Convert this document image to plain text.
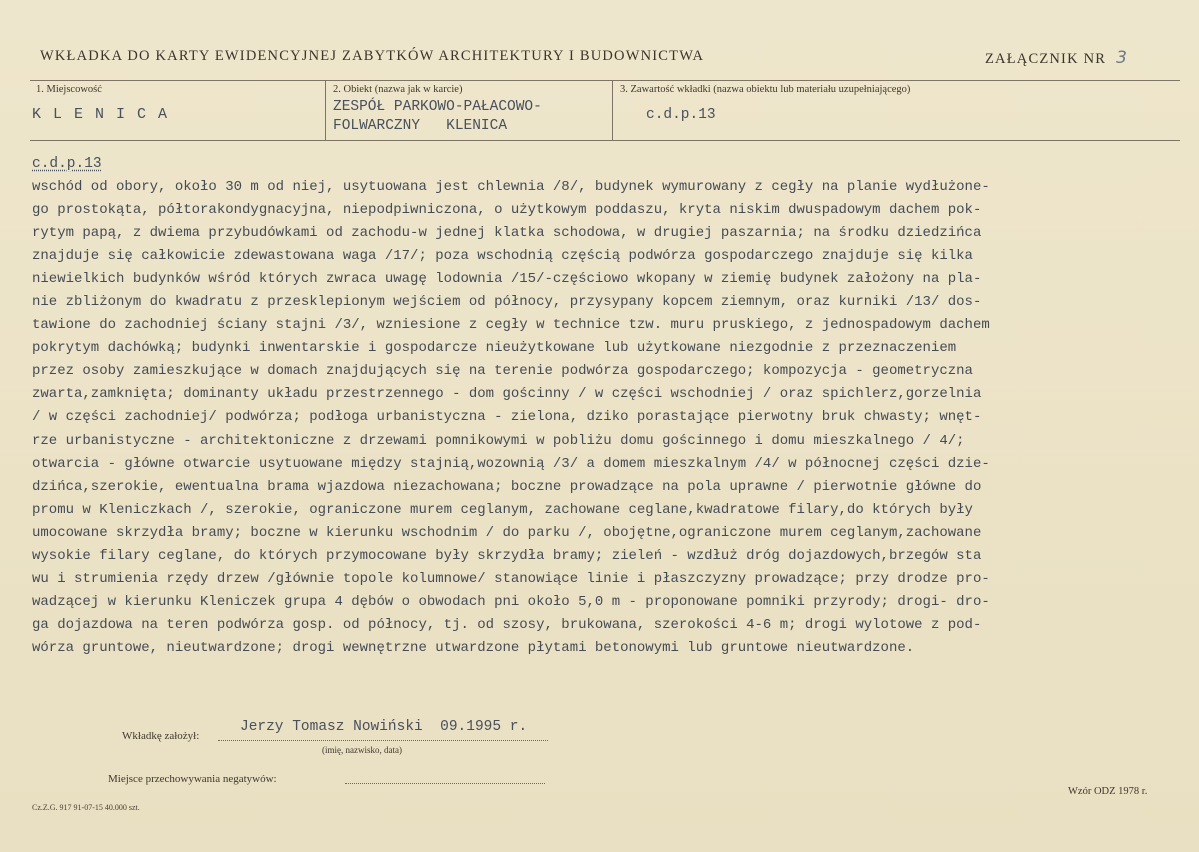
WKŁADKA DO KARTY EWIDENCYJNEJ ZABYTKÓW ARCHITEKTURY I BUDOWNICTWA	ZAŁĄCZNIK NR 3
1. Miejscowość
KLENICA
2. Obiekt (nazwa jak w karcie)
ZESPÓŁ PARKOWO-PAŁACOWO-
FOLWARCZNY   KLENICA
3. Zawartość wkładki (nazwa obiektu lub materiału uzupełniającego)
c.d.p.13
c.d.p.13
wschód od obory, około 30 m od niej, usytuowana jest chlewnia /8/, budynek wymurowany z cegły na planie wydłużone-
go prostokąta, półtorakondygnacyjna, niepodpiwniczona, o użytkowym poddaszu, kryta niskim dwuspadowym dachem pok-
rytym papą, z dwiema przybudówkami od zachodu-w jednej klatka schodowa, w drugiej paszarnia; na środku dziedzińca
znajduje się całkowicie zdewastowana waga /17/; poza wschodnią częścią podwórza gospodarczego znajduje się kilka
niewielkich budynków wśród których zwraca uwagę lodownia /15/-częściowo wkopany w ziemię budynek założony na pla-
nie zbliżonym do kwadratu z przesklepionym wejściem od północy, przysypany kopcem ziemnym, oraz kurniki /13/ dos-
tawione do zachodniej ściany stajni /3/, wzniesione z cegły w technice tzw. muru pruskiego, z jednospadowym dachem
pokrytym dachówką; budynki inwentarskie i gospodarcze nieużytkowane lub użytkowane niezgodnie z przeznaczeniem
przez osoby zamieszkujące w domach znajdujących się na terenie podwórza gospodarczego; kompozycja - geometryczna
zwarta,zamknięta; dominanty układu przestrzennego - dom gościnny / w części wschodniej / oraz spichlerz,gorzelnia
/ w części zachodniej/ podwórza; podłoga urbanistyczna - zielona, dziko porastające pierwotny bruk chwasty; wnęt-
rze urbanistyczne - architektoniczne z drzewami pomnikowymi w pobliżu domu gościnnego i domu mieszkalnego / 4/;
otwarcia - główne otwarcie usytuowane między stajnią,wozownią /3/ a domem mieszkalnym /4/ w północnej części dzie-
dzińca,szerokie, ewentualna brama wjazdowa niezachowana; boczne prowadzące na pola uprawne / pierwotnie główne do
promu w Kleniczkach /, szerokie, ograniczone murem ceglanym, zachowane ceglane,kwadratowe filary,do których były
umocowane skrzydła bramy; boczne w kierunku wschodnim / do parku /, obojętne,ograniczone murem ceglanym,zachowane
wysokie filary ceglane, do których przymocowane były skrzydła bramy; zieleń - wzdłuż dróg dojazdowych,brzegów sta
wu i strumienia rzędy drzew /głównie topole kolumnowe/ stanowiące linie i płaszczyzny prowadzące; przy drodze pro-
wadzącej w kierunku Kleniczek grupa 4 dębów o obwodach pni około 5,0 m - proponowane pomniki przyrody; drogi- dro-
ga dojazdowa na teren podwórza gosp. od północy, tj. od szosy, brukowana, szerokości 4-6 m; drogi wylotowe z pod-
wórza gruntowe, nieutwardzone; drogi wewnętrzne utwardzone płytami betonowymi lub gruntowe nieutwardzone.
Wkładkę założył:
Jerzy Tomasz Nowiński  09.1995 r.
(imię, nazwisko, data)
Miejsce przechowywania negatywów:
Cz.Z.G. 917 91-07-15 40.000 szt.
Wzór ODZ 1978 r.
